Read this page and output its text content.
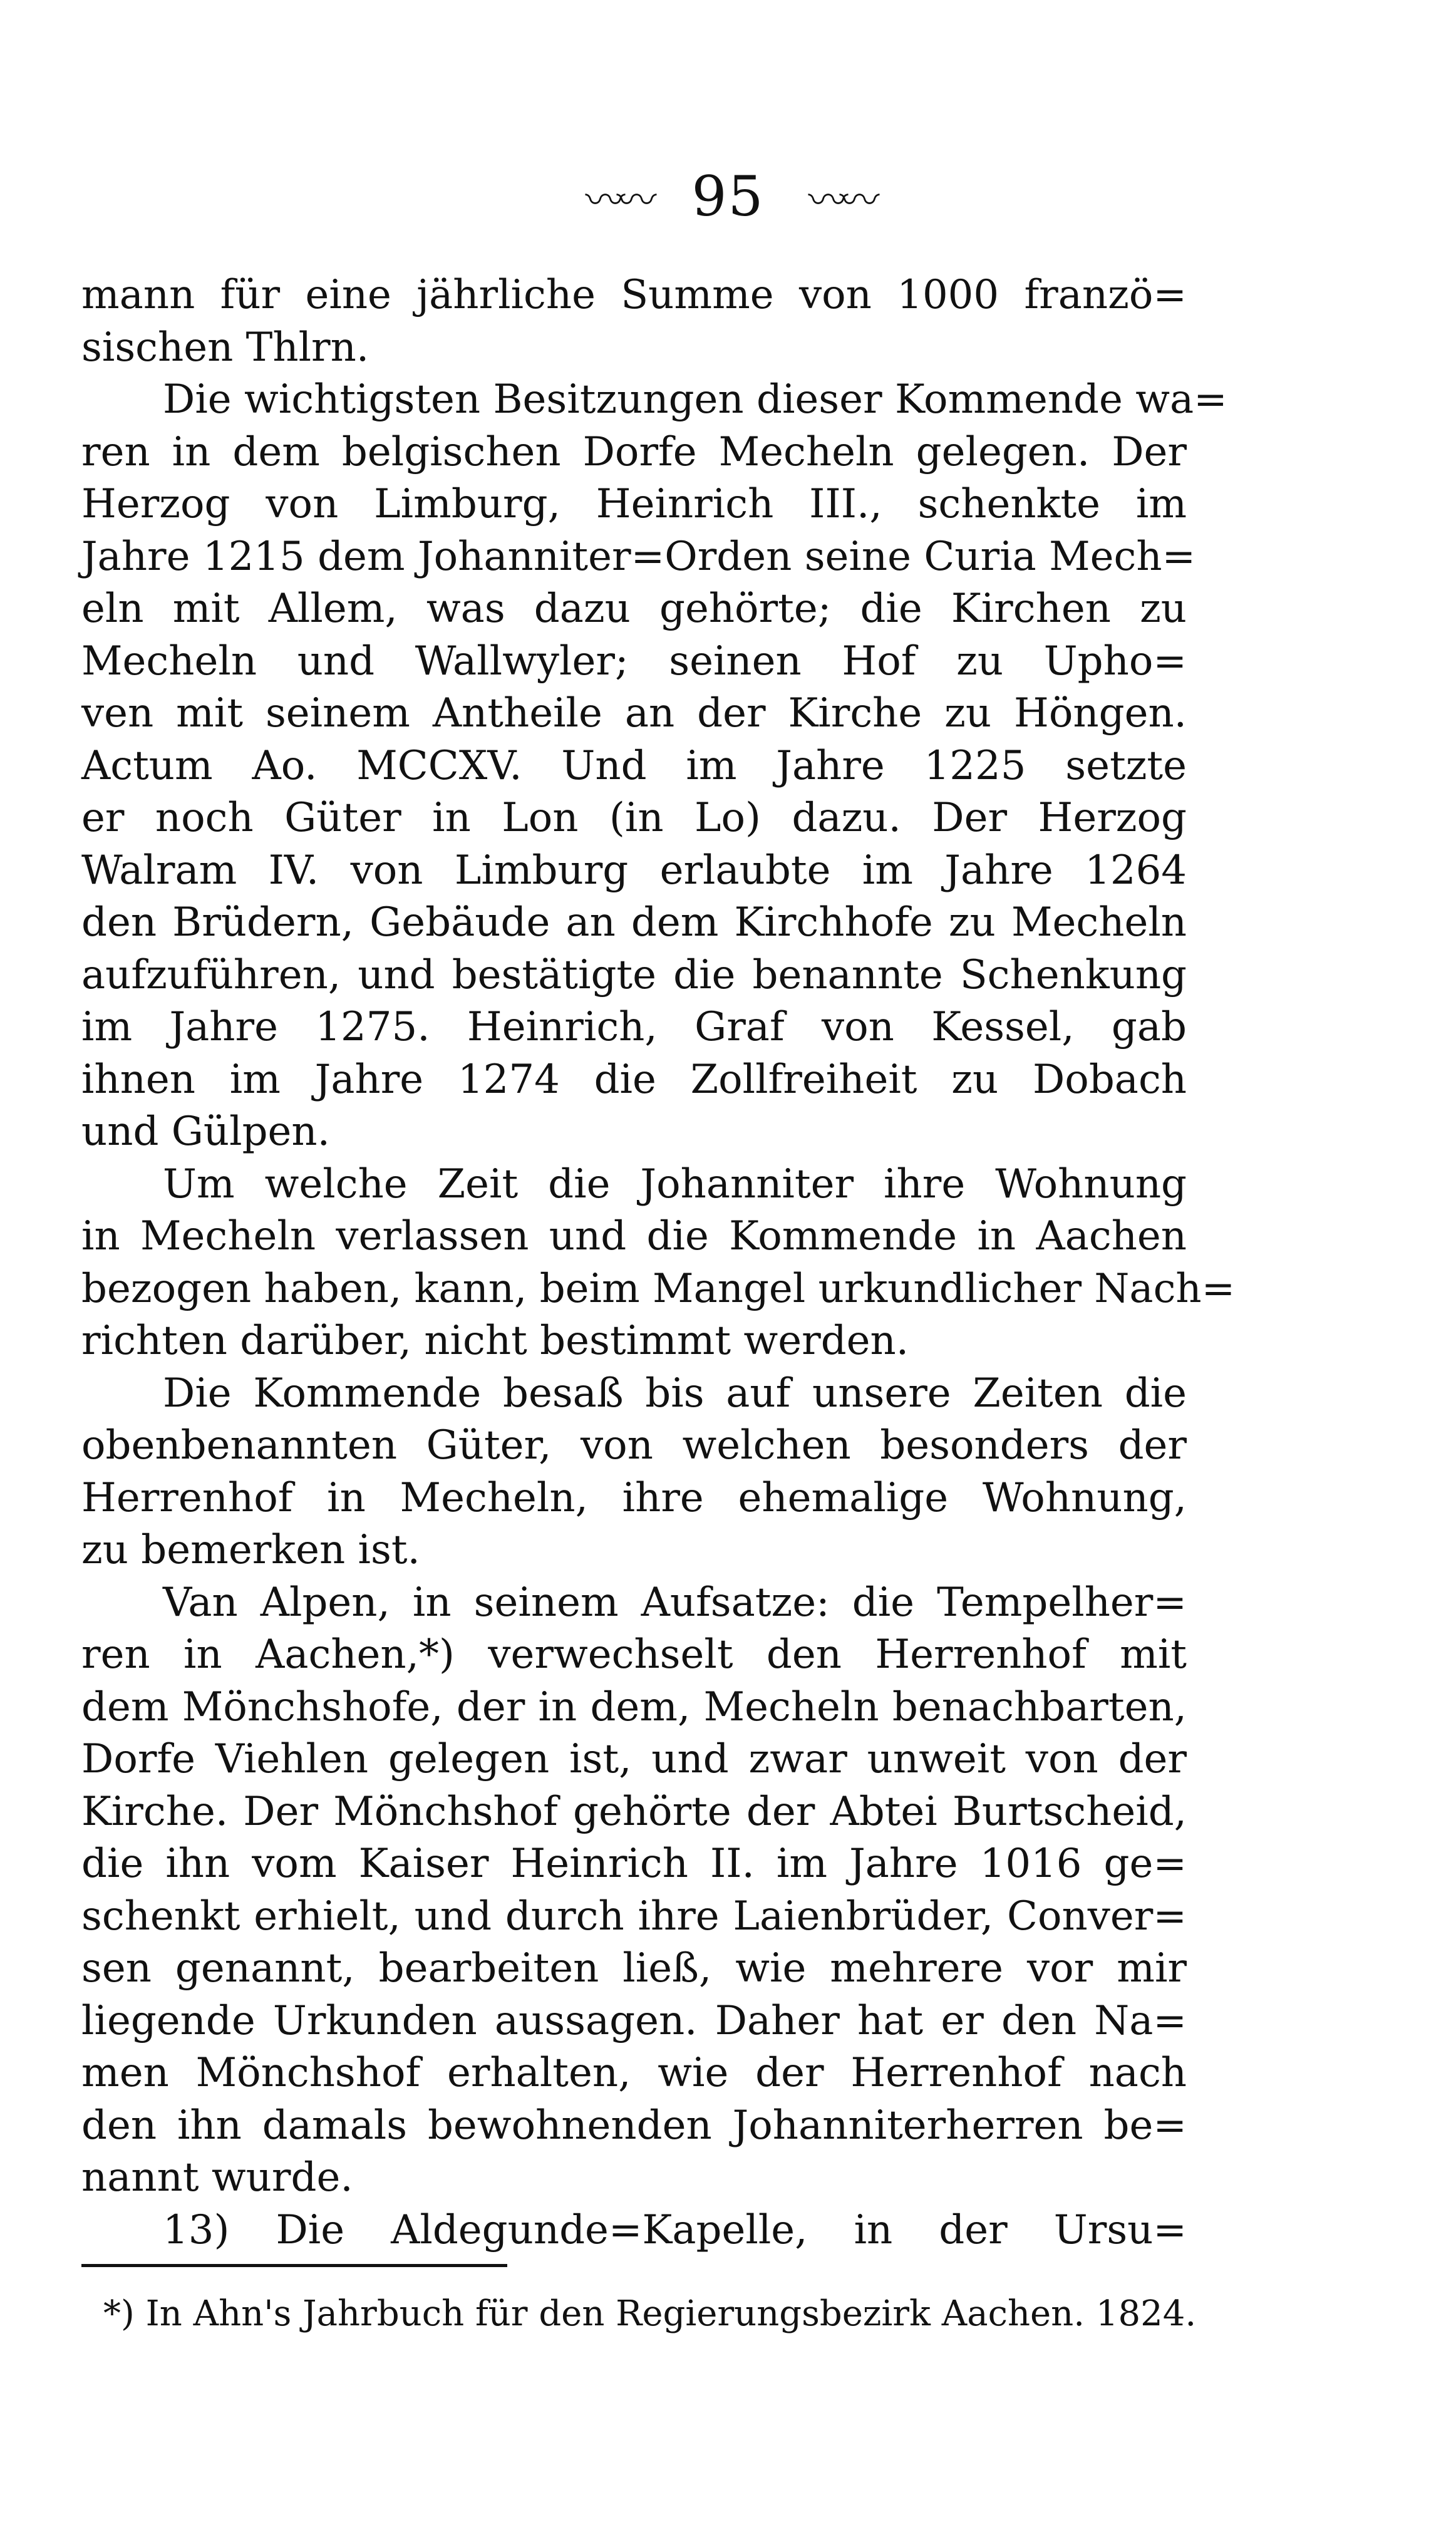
〰〰 95 〰〰
mann für eine jährliche Summe von 1000 franzö=
sischen Thlrn.
Die wichtigsten Besitzungen dieser Kommende wa=
ren in dem belgischen Dorfe Mecheln gelegen. Der
Herzog von Limburg, Heinrich III., schenkte im
Jahre 1215 dem Johanniter=Orden seine Curia Mech=
eln mit Allem, was dazu gehörte; die Kirchen zu
Mecheln und Wallwyler; seinen Hof zu Upho=
ven mit seinem Antheile an der Kirche zu Höngen.
Actum Ao. MCCXV. Und im Jahre 1225 setzte
er noch Güter in Lon (in Lo) dazu. Der Herzog
Walram IV. von Limburg erlaubte im Jahre 1264
den Brüdern, Gebäude an dem Kirchhofe zu Mecheln
aufzuführen, und bestätigte die benannte Schenkung
im Jahre 1275. Heinrich, Graf von Kessel, gab
ihnen im Jahre 1274 die Zollfreiheit zu Dobach
und Gülpen.
Um welche Zeit die Johanniter ihre Wohnung
in Mecheln verlassen und die Kommende in Aachen
bezogen haben, kann, beim Mangel urkundlicher Nach=
richten darüber, nicht bestimmt werden.
Die Kommende besaß bis auf unsere Zeiten die
obenbenannten Güter, von welchen besonders der
Herrenhof in Mecheln, ihre ehemalige Wohnung,
zu bemerken ist.
Van Alpen, in seinem Aufsatze: die Tempelher=
ren in Aachen,*) verwechselt den Herrenhof mit
dem Mönchshofe, der in dem, Mecheln benachbarten,
Dorfe Viehlen gelegen ist, und zwar unweit von der
Kirche. Der Mönchshof gehörte der Abtei Burtscheid,
die ihn vom Kaiser Heinrich II. im Jahre 1016 ge=
schenkt erhielt, und durch ihre Laienbrüder, Conver=
sen genannt, bearbeiten ließ, wie mehrere vor mir
liegende Urkunden aussagen. Daher hat er den Na=
men Mönchshof erhalten, wie der Herrenhof nach
den ihn damals bewohnenden Johanniterherren be=
nannt wurde.
13) Die Aldegunde=Kapelle, in der Ursu=
*) In Ahn's Jahrbuch für den Regierungsbezirk Aachen. 1824.
